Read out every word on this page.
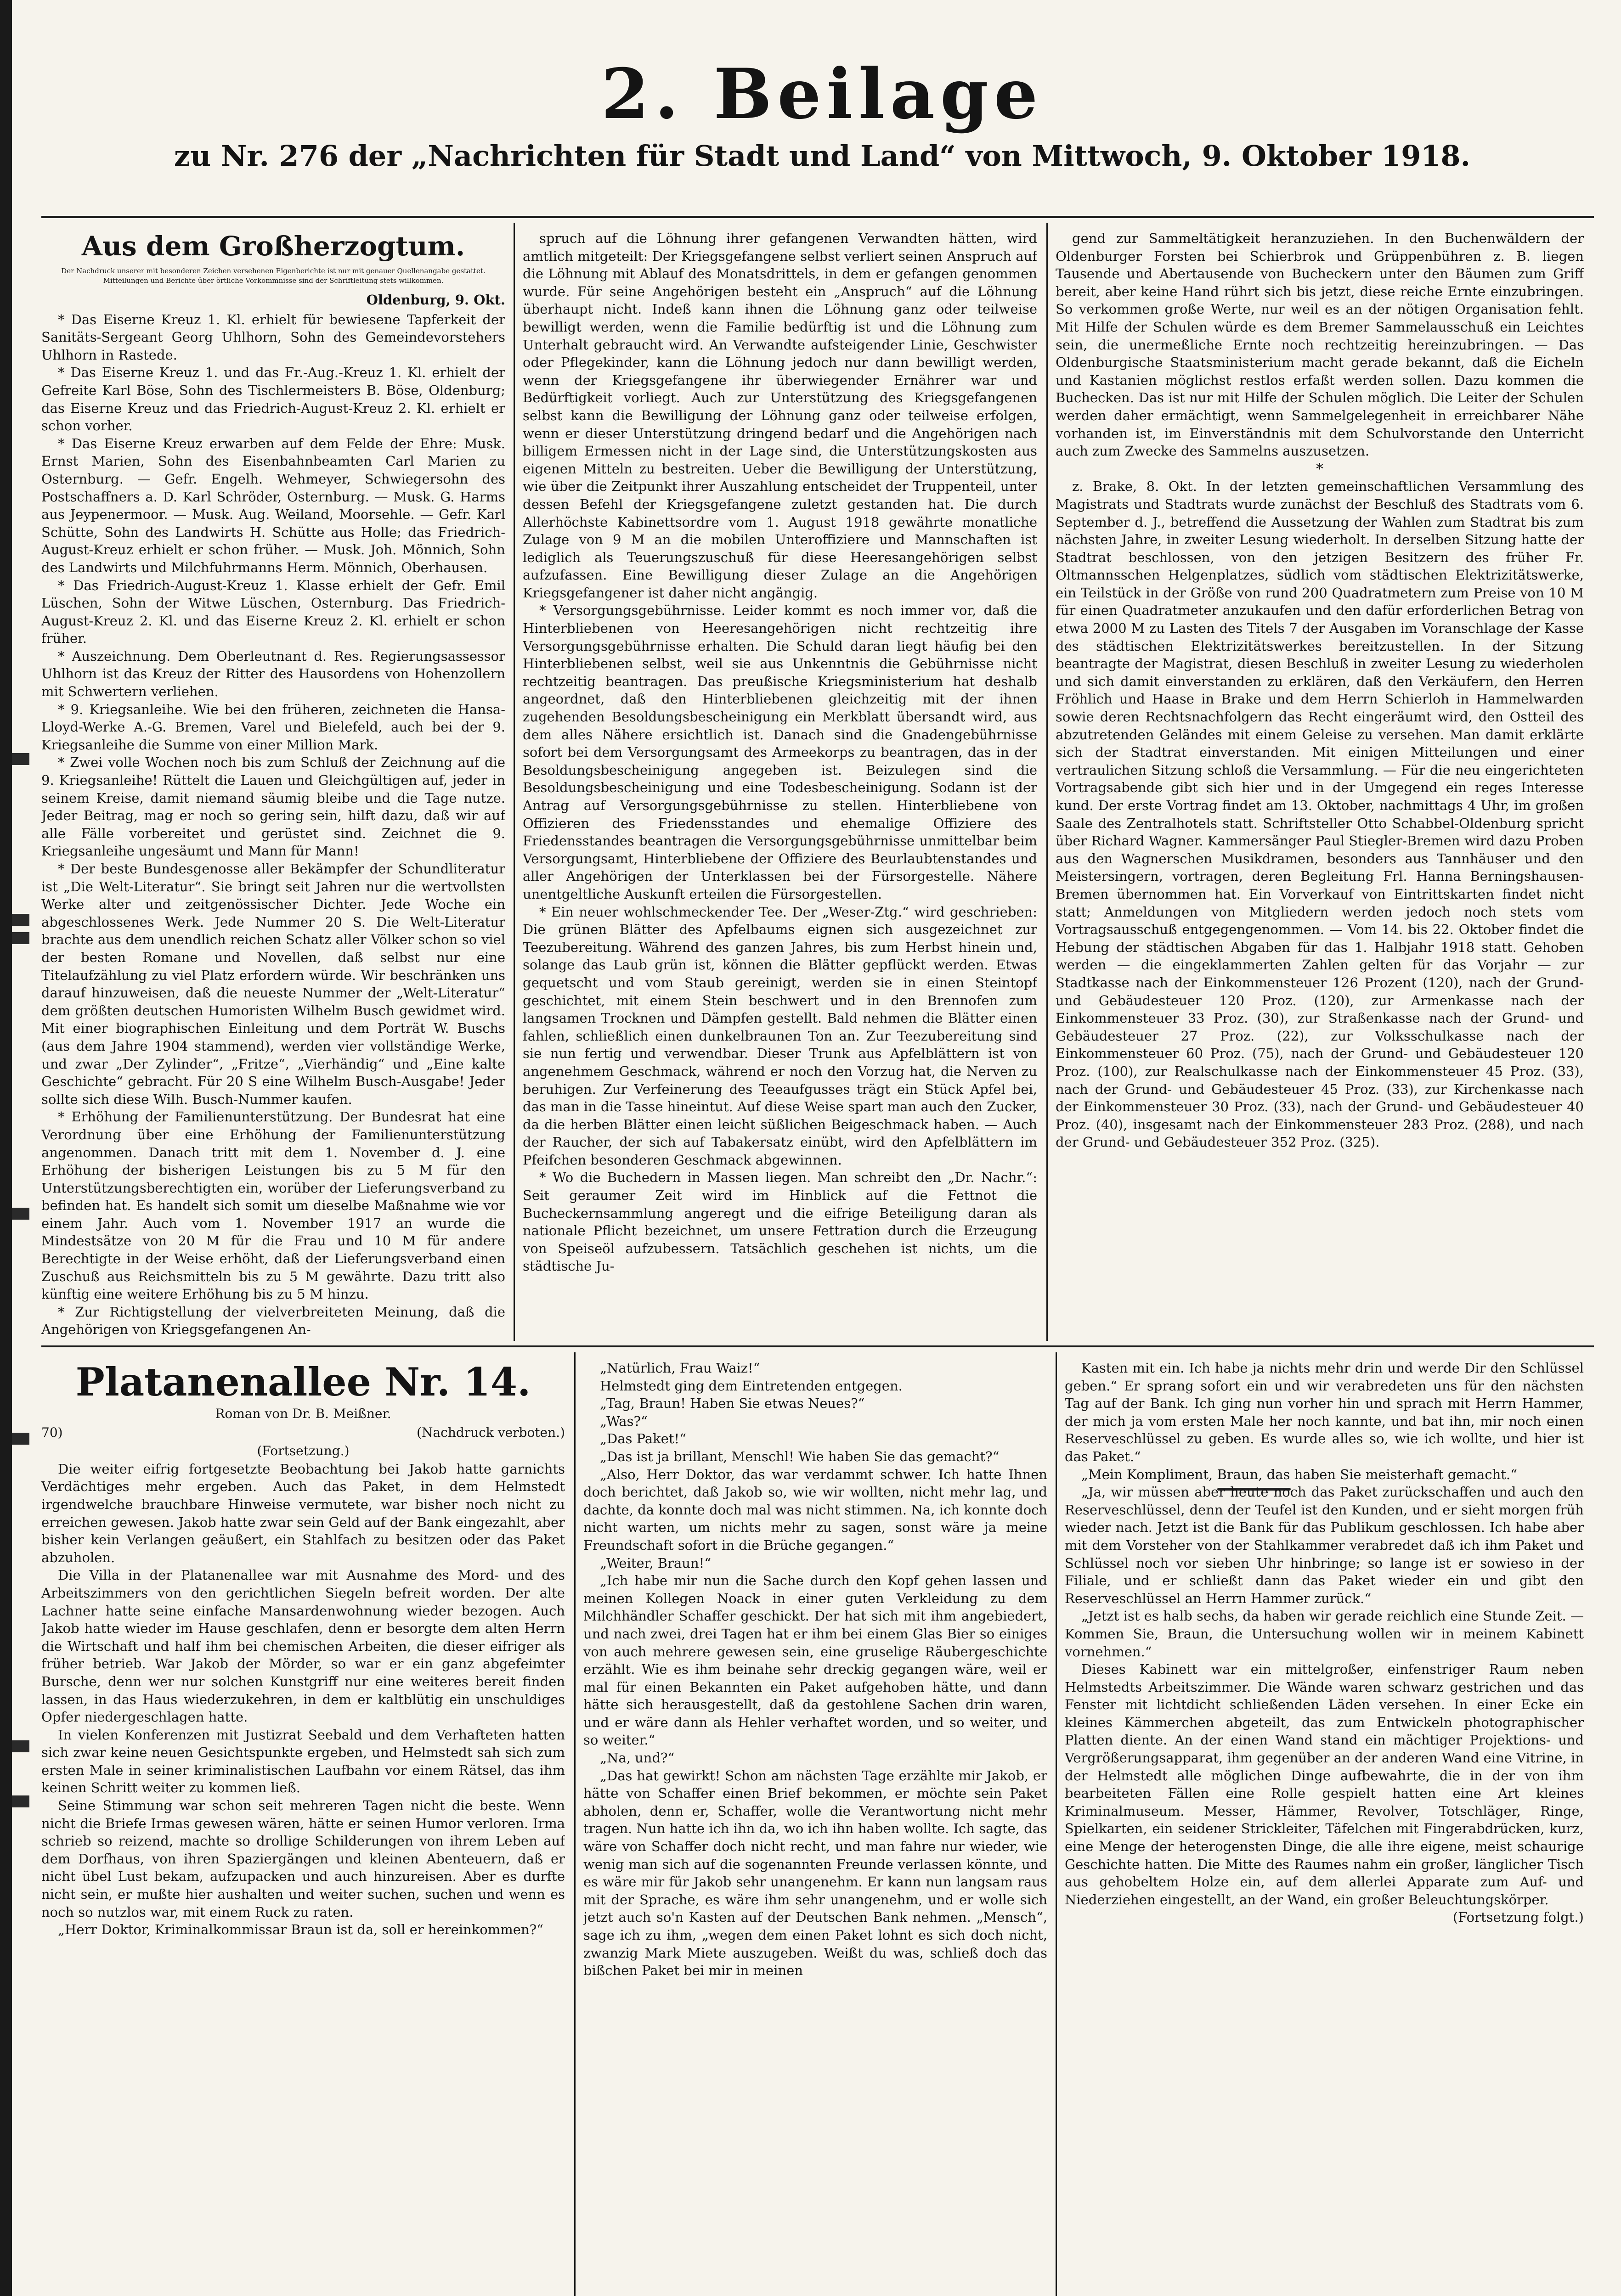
2. Beilage
zu Nr. 276 der „Nachrichten für Stadt und Land“ von Mittwoch, 9. Oktober 1918.
Aus dem Großherzogtum.
Der Nachdruck unserer mit besonderen Zeichen versehenen Eigenberichte ist nur mit genauer Quellenangabe gestattet. Mitteilungen und Berichte über örtliche Vorkommnisse sind der Schriftleitung stets willkommen.
Oldenburg, 9. Okt.

* Das Eiserne Kreuz 1. Kl. erhielt für bewiesene Tapferkeit der Sanitäts-Sergeant Georg Uhlhorn, Sohn des Gemeindevorstehers Uhlhorn in Rastede.

* Das Eiserne Kreuz 1. und das Fr.-Aug.-Kreuz 1. Kl. erhielt der Gefreite Karl Böse, Sohn des Tischlermeisters B. Böse, Oldenburg; das Eiserne Kreuz und das Friedrich-August-Kreuz 2. Kl. erhielt er schon vorher.

* Das Eiserne Kreuz erwarben auf dem Felde der Ehre: Musk. Ernst Marien, Sohn des Eisenbahnbeamten Carl Marien zu Osternburg. — Gefr. Engelh. Wehmeyer, Schwiegersohn des Postschaffners a. D. Karl Schröder, Osternburg. — Musk. G. Harms aus Jeypenermoor. — Musk. Aug. Weiland, Moorsehle. — Gefr. Karl Schütte, Sohn des Landwirts H. Schütte aus Holle; das Friedrich-August-Kreuz erhielt er schon früher. — Musk. Joh. Mönnich, Sohn des Landwirts und Milchfuhrmanns Herm. Mönnich, Oberhausen.

* Das Friedrich-August-Kreuz 1. Klasse erhielt der Gefr. Emil Lüschen, Sohn der Witwe Lüschen, Osternburg. Das Friedrich-August-Kreuz 2. Kl. und das Eiserne Kreuz 2. Kl. erhielt er schon früher.

* Auszeichnung. Dem Oberleutnant d. Res. Regierungsassessor Uhlhorn ist das Kreuz der Ritter des Hausordens von Hohenzollern mit Schwertern verliehen.

* 9. Kriegsanleihe. Wie bei den früheren, zeichneten die Hansa-Lloyd-Werke A.-G. Bremen, Varel und Bielefeld, auch bei der 9. Kriegsanleihe die Summe von einer Million Mark.

* Zwei volle Wochen noch bis zum Schluß der Zeichnung auf die 9. Kriegsanleihe! Rüttelt die Lauen und Gleichgültigen auf, jeder in seinem Kreise, damit niemand säumig bleibe und die Tage nutze. Jeder Beitrag, mag er noch so gering sein, hilft dazu, daß wir auf alle Fälle vorbereitet und gerüstet sind. Zeichnet die 9. Kriegsanleihe ungesäumt und Mann für Mann!

* Der beste Bundesgenosse aller Bekämpfer der Schundliteratur ist „Die Welt-Literatur“. Sie bringt seit Jahren nur die wertvollsten Werke alter und zeitgenössischer Dichter. Jede Woche ein abgeschlossenes Werk. Jede Nummer 20 S. Die Welt-Literatur brachte aus dem unendlich reichen Schatz aller Völker schon so viel der besten Romane und Novellen, daß selbst nur eine Titelaufzählung zu viel Platz erfordern würde. Wir beschränken uns darauf hinzuweisen, daß die neueste Nummer der „Welt-Literatur“ dem größten deutschen Humoristen Wilhelm Busch gewidmet wird. Mit einer biographischen Einleitung und dem Porträt W. Buschs (aus dem Jahre 1904 stammend), werden vier vollständige Werke, und zwar „Der Zylinder“, „Fritze“, „Vierhändig“ und „Eine kalte Geschichte“ gebracht. Für 20 S eine Wilhelm Busch-Ausgabe! Jeder sollte sich diese Wilh. Busch-Nummer kaufen.

* Erhöhung der Familienunterstützung. Der Bundesrat hat eine Verordnung über eine Erhöhung der Familienunterstützung angenommen. Danach tritt mit dem 1. November d. J. eine Erhöhung der bisherigen Leistungen bis zu 5 M für den Unterstützungsberechtigten ein, worüber der Lieferungsverband zu befinden hat. Es handelt sich somit um dieselbe Maßnahme wie vor einem Jahr. Auch vom 1. November 1917 an wurde die Mindestsätze von 20 M für die Frau und 10 M für andere Berechtigte in der Weise erhöht, daß der Lieferungsverband einen Zuschuß aus Reichsmitteln bis zu 5 M gewährte. Dazu tritt also künftig eine weitere Erhöhung bis zu 5 M hinzu.

* Zur Richtigstellung der vielverbreiteten Meinung, daß die Angehörigen von Kriegsgefangenen An-

spruch auf die Löhnung ihrer gefangenen Verwandten hätten, wird amtlich mitgeteilt: Der Kriegsgefangene selbst verliert seinen Anspruch auf die Löhnung mit Ablauf des Monatsdrittels, in dem er gefangen genommen wurde. Für seine Angehörigen besteht ein „Anspruch“ auf die Löhnung überhaupt nicht. Indeß kann ihnen die Löhnung ganz oder teilweise bewilligt werden, wenn die Familie bedürftig ist und die Löhnung zum Unterhalt gebraucht wird. An Verwandte aufsteigender Linie, Geschwister oder Pflegekinder, kann die Löhnung jedoch nur dann bewilligt werden, wenn der Kriegsgefangene ihr überwiegender Ernährer war und Bedürftigkeit vorliegt. Auch zur Unterstützung des Kriegsgefangenen selbst kann die Bewilligung der Löhnung ganz oder teilweise erfolgen, wenn er dieser Unterstützung dringend bedarf und die Angehörigen nach billigem Ermessen nicht in der Lage sind, die Unterstützungskosten aus eigenen Mitteln zu bestreiten. Ueber die Bewilligung der Unterstützung, wie über die Zeitpunkt ihrer Auszahlung entscheidet der Truppenteil, unter dessen Befehl der Kriegsgefangene zuletzt gestanden hat. Die durch Allerhöchste Kabinettsordre vom 1. August 1918 gewährte monatliche Zulage von 9 M an die mobilen Unteroffiziere und Mannschaften ist lediglich als Teuerungszuschuß für diese Heeresangehörigen selbst aufzufassen. Eine Bewilligung dieser Zulage an die Angehörigen Kriegsgefangener ist daher nicht angängig.

* Versorgungsgebührnisse. Leider kommt es noch immer vor, daß die Hinterbliebenen von Heeresangehörigen nicht rechtzeitig ihre Versorgungsgebührnisse erhalten. Die Schuld daran liegt häufig bei den Hinterbliebenen selbst, weil sie aus Unkenntnis die Gebührnisse nicht rechtzeitig beantragen. Das preußische Kriegsministerium hat deshalb angeordnet, daß den Hinterbliebenen gleichzeitig mit der ihnen zugehenden Besoldungsbescheinigung ein Merkblatt übersandt wird, aus dem alles Nähere ersichtlich ist. Danach sind die Gnadengebührnisse sofort bei dem Versorgungsamt des Armeekorps zu beantragen, das in der Besoldungsbescheinigung angegeben ist. Beizulegen sind die Besoldungsbescheinigung und eine Todesbescheinigung. Sodann ist der Antrag auf Versorgungsgebührnisse zu stellen. Hinterbliebene von Offizieren des Friedensstandes und ehemalige Offiziere des Friedensstandes beantragen die Versorgungsgebührnisse unmittelbar beim Versorgungsamt, Hinterbliebene der Offiziere des Beurlaubtenstandes und aller Angehörigen der Unterklassen bei der Fürsorgestelle. Nähere unentgeltliche Auskunft erteilen die Fürsorgestellen.

* Ein neuer wohlschmeckender Tee. Der „Weser-Ztg.“ wird geschrieben: Die grünen Blätter des Apfelbaums eignen sich ausgezeichnet zur Teezubereitung. Während des ganzen Jahres, bis zum Herbst hinein und, solange das Laub grün ist, können die Blätter gepflückt werden. Etwas gequetscht und vom Staub gereinigt, werden sie in einen Steintopf geschichtet, mit einem Stein beschwert und in den Brennofen zum langsamen Trocknen und Dämpfen gestellt. Bald nehmen die Blätter einen fahlen, schließlich einen dunkelbraunen Ton an. Zur Teezubereitung sind sie nun fertig und verwendbar. Dieser Trunk aus Apfelblättern ist von angenehmem Geschmack, während er noch den Vorzug hat, die Nerven zu beruhigen. Zur Verfeinerung des Teeaufgusses trägt ein Stück Apfel bei, das man in die Tasse hineintut. Auf diese Weise spart man auch den Zucker, da die herben Blätter einen leicht süßlichen Beigeschmack haben. — Auch der Raucher, der sich auf Tabakersatz einübt, wird den Apfelblättern im Pfeifchen besonderen Geschmack abgewinnen.

* Wo die Buchedern in Massen liegen. Man schreibt den „Dr. Nachr.“: Seit geraumer Zeit wird im Hinblick auf die Fettnot die Bucheckernsammlung angeregt und die eifrige Beteiligung daran als nationale Pflicht bezeichnet, um unsere Fettration durch die Erzeugung von Speiseöl aufzubessern. Tatsächlich geschehen ist nichts, um die städtische Ju-

gend zur Sammeltätigkeit heranzuziehen. In den Buchenwäldern der Oldenburger Forsten bei Schierbrok und Grüppenbühren z. B. liegen Tausende und Abertausende von Bucheckern unter den Bäumen zum Griff bereit, aber keine Hand rührt sich bis jetzt, diese reiche Ernte einzubringen. So verkommen große Werte, nur weil es an der nötigen Organisation fehlt. Mit Hilfe der Schulen würde es dem Bremer Sammelausschuß ein Leichtes sein, die unermeßliche Ernte noch rechtzeitig hereinzubringen. — Das Oldenburgische Staatsministerium macht gerade bekannt, daß die Eicheln und Kastanien möglichst restlos erfaßt werden sollen. Dazu kommen die Buchecken. Das ist nur mit Hilfe der Schulen möglich. Die Leiter der Schulen werden daher ermächtigt, wenn Sammelgelegenheit in erreichbarer Nähe vorhanden ist, im Einverständnis mit dem Schulvorstande den Unterricht auch zum Zwecke des Sammelns auszusetzen.

*

z. Brake, 8. Okt. In der letzten gemeinschaftlichen Versammlung des Magistrats und Stadtrats wurde zunächst der Beschluß des Stadtrats vom 6. September d. J., betreffend die Aussetzung der Wahlen zum Stadtrat bis zum nächsten Jahre, in zweiter Lesung wiederholt. In derselben Sitzung hatte der Stadtrat beschlossen, von den jetzigen Besitzern des früher Fr. Oltmannsschen Helgenplatzes, südlich vom städtischen Elektrizitätswerke, ein Teilstück in der Größe von rund 200 Quadratmetern zum Preise von 10 M für einen Quadratmeter anzukaufen und den dafür erforderlichen Betrag von etwa 2000 M zu Lasten des Titels 7 der Ausgaben im Voranschlage der Kasse des städtischen Elektrizitätswerkes bereitzustellen. In der Sitzung beantragte der Magistrat, diesen Beschluß in zweiter Lesung zu wiederholen und sich damit einverstanden zu erklären, daß den Verkäufern, den Herren Fröhlich und Haase in Brake und dem Herrn Schierloh in Hammelwarden sowie deren Rechtsnachfolgern das Recht eingeräumt wird, den Ostteil des abzutretenden Geländes mit einem Geleise zu versehen. Man damit erklärte sich der Stadtrat einverstanden. Mit einigen Mitteilungen und einer vertraulichen Sitzung schloß die Versammlung. — Für die neu eingerichteten Vortragsabende gibt sich hier und in der Umgegend ein reges Interesse kund. Der erste Vortrag findet am 13. Oktober, nachmittags 4 Uhr, im großen Saale des Zentralhotels statt. Schriftsteller Otto Schabbel-Oldenburg spricht über Richard Wagner. Kammersänger Paul Stiegler-Bremen wird dazu Proben aus den Wagnerschen Musikdramen, besonders aus Tannhäuser und den Meistersingern, vortragen, deren Begleitung Frl. Hanna Berningshausen-Bremen übernommen hat. Ein Vorverkauf von Eintrittskarten findet nicht statt; Anmeldungen von Mitgliedern werden jedoch noch stets vom Vortragsausschuß entgegengenommen. — Vom 14. bis 22. Oktober findet die Hebung der städtischen Abgaben für das 1. Halbjahr 1918 statt. Gehoben werden — die eingeklammerten Zahlen gelten für das Vorjahr — zur Stadtkasse nach der Einkommensteuer 126 Prozent (120), nach der Grund- und Gebäudesteuer 120 Proz. (120), zur Armenkasse nach der Einkommensteuer 33 Proz. (30), zur Straßenkasse nach der Grund- und Gebäudesteuer 27 Proz. (22), zur Volksschulkasse nach der Einkommensteuer 60 Proz. (75), nach der Grund- und Gebäudesteuer 120 Proz. (100), zur Realschulkasse nach der Einkommensteuer 45 Proz. (33), nach der Grund- und Gebäudesteuer 45 Proz. (33), zur Kirchenkasse nach der Einkommensteuer 30 Proz. (33), nach der Grund- und Gebäudesteuer 40 Proz. (40), insgesamt nach der Einkommensteuer 283 Proz. (288), und nach der Grund- und Gebäudesteuer 352 Proz. (325).

Platanenallee Nr. 14.
Roman von Dr. B. Meißner.
70)	(Nachdruck verboten.)
(Fortsetzung.)

Die weiter eifrig fortgesetzte Beobachtung bei Jakob hatte garnichts Verdächtiges mehr ergeben. Auch das Paket, in dem Helmstedt irgendwelche brauchbare Hinweise vermutete, war bisher noch nicht zu erreichen gewesen. Jakob hatte zwar sein Geld auf der Bank eingezahlt, aber bisher kein Verlangen geäußert, ein Stahlfach zu besitzen oder das Paket abzuholen.

Die Villa in der Platanenallee war mit Ausnahme des Mord- und des Arbeitszimmers von den gerichtlichen Siegeln befreit worden. Der alte Lachner hatte seine einfache Mansardenwohnung wieder bezogen. Auch Jakob hatte wieder im Hause geschlafen, denn er besorgte dem alten Herrn die Wirtschaft und half ihm bei chemischen Arbeiten, die dieser eifriger als früher betrieb. War Jakob der Mörder, so war er ein ganz abgefeimter Bursche, denn wer nur solchen Kunstgriff nur eine weiteres bereit finden lassen, in das Haus wiederzukehren, in dem er kaltblütig ein unschuldiges Opfer niedergeschlagen hatte.

In vielen Konferenzen mit Justizrat Seebald und dem Verhafteten hatten sich zwar keine neuen Gesichtspunkte ergeben, und Helmstedt sah sich zum ersten Male in seiner kriminalistischen Laufbahn vor einem Rätsel, das ihm keinen Schritt weiter zu kommen ließ.

Seine Stimmung war schon seit mehreren Tagen nicht die beste. Wenn nicht die Briefe Irmas gewesen wären, hätte er seinen Humor verloren. Irma schrieb so reizend, machte so drollige Schilderungen von ihrem Leben auf dem Dorfhaus, von ihren Spaziergängen und kleinen Abenteuern, daß er nicht übel Lust bekam, aufzupacken und auch hinzureisen. Aber es durfte nicht sein, er mußte hier aushalten und weiter suchen, suchen und wenn es noch so nutzlos war, mit einem Ruck zu raten.

„Herr Doktor, Kriminalkommissar Braun ist da, soll er hereinkommen?“

„Natürlich, Frau Waiz!“

Helmstedt ging dem Eintretenden entgegen.

„Tag, Braun! Haben Sie etwas Neues?“

„Was?“

„Das Paket!“

„Das ist ja brillant, Menschl! Wie haben Sie das gemacht?“

„Also, Herr Doktor, das war verdammt schwer. Ich hatte Ihnen doch berichtet, daß Jakob so, wie wir wollten, nicht mehr lag, und dachte, da konnte doch mal was nicht stimmen. Na, ich konnte doch nicht warten, um nichts mehr zu sagen, sonst wäre ja meine Freundschaft sofort in die Brüche gegangen.“

„Weiter, Braun!“

„Ich habe mir nun die Sache durch den Kopf gehen lassen und meinen Kollegen Noack in einer guten Verkleidung zu dem Milchhändler Schaffer geschickt. Der hat sich mit ihm angebiedert, und nach zwei, drei Tagen hat er ihm bei einem Glas Bier so einiges von auch mehrere gewesen sein, eine gruselige Räubergeschichte erzählt. Wie es ihm beinahe sehr dreckig gegangen wäre, weil er mal für einen Bekannten ein Paket aufgehoben hätte, und dann hätte sich herausgestellt, daß da gestohlene Sachen drin waren, und er wäre dann als Hehler verhaftet worden, und so weiter, und so weiter.“

„Na, und?“

„Das hat gewirkt! Schon am nächsten Tage erzählte mir Jakob, er hätte von Schaffer einen Brief bekommen, er möchte sein Paket abholen, denn er, Schaffer, wolle die Verantwortung nicht mehr tragen. Nun hatte ich ihn da, wo ich ihn haben wollte. Ich sagte, das wäre von Schaffer doch nicht recht, und man fahre nur wieder, wie wenig man sich auf die sogenannten Freunde verlassen könnte, und es wäre mir für Jakob sehr unangenehm. Er kann nun langsam raus mit der Sprache, es wäre ihm sehr unangenehm, und er wolle sich jetzt auch so'n Kasten auf der Deutschen Bank nehmen. „Mensch“, sage ich zu ihm, „wegen dem einen Paket lohnt es sich doch nicht, zwanzig Mark Miete auszugeben. Weißt du was, schließ doch das bißchen Paket bei mir in meinen

Kasten mit ein. Ich habe ja nichts mehr drin und werde Dir den Schlüssel geben.“ Er sprang sofort ein und wir verabredeten uns für den nächsten Tag auf der Bank. Ich ging nun vorher hin und sprach mit Herrn Hammer, der mich ja vom ersten Male her noch kannte, und bat ihn, mir noch einen Reserveschlüssel zu geben. Es wurde alles so, wie ich wollte, und hier ist das Paket.“

„Mein Kompliment, Braun, das haben Sie meisterhaft gemacht.“

„Ja, wir müssen aber heute noch das Paket zurückschaffen und auch den Reserveschlüssel, denn der Teufel ist den Kunden, und er sieht morgen früh wieder nach. Jetzt ist die Bank für das Publikum geschlossen. Ich habe aber mit dem Vorsteher von der Stahlkammer verabredet daß ich ihm Paket und Schlüssel noch vor sieben Uhr hinbringe; so lange ist er sowieso in der Filiale, und er schließt dann das Paket wieder ein und gibt den Reserveschlüssel an Herrn Hammer zurück.“

„Jetzt ist es halb sechs, da haben wir gerade reichlich eine Stunde Zeit. — Kommen Sie, Braun, die Untersuchung wollen wir in meinem Kabinett vornehmen.“

Dieses Kabinett war ein mittelgroßer, einfenstriger Raum neben Helmstedts Arbeitszimmer. Die Wände waren schwarz gestrichen und das Fenster mit lichtdicht schließenden Läden versehen. In einer Ecke ein kleines Kämmerchen abgeteilt, das zum Entwickeln photographischer Platten diente. An der einen Wand stand ein mächtiger Projektions- und Vergrößerungsapparat, ihm gegenüber an der anderen Wand eine Vitrine, in der Helmstedt alle möglichen Dinge aufbewahrte, die in der von ihm bearbeiteten Fällen eine Rolle gespielt hatten eine Art kleines Kriminalmuseum. Messer, Hämmer, Revolver, Totschläger, Ringe, Spielkarten, ein seidener Strickleiter, Täfelchen mit Fingerabdrücken, kurz, eine Menge der heterogensten Dinge, die alle ihre eigene, meist schaurige Geschichte hatten. Die Mitte des Raumes nahm ein großer, länglicher Tisch aus gehobeltem Holze ein, auf dem allerlei Apparate zum Auf- und Niederziehen eingestellt, an der Wand, ein großer Beleuchtungskörper.

(Fortsetzung folgt.)
